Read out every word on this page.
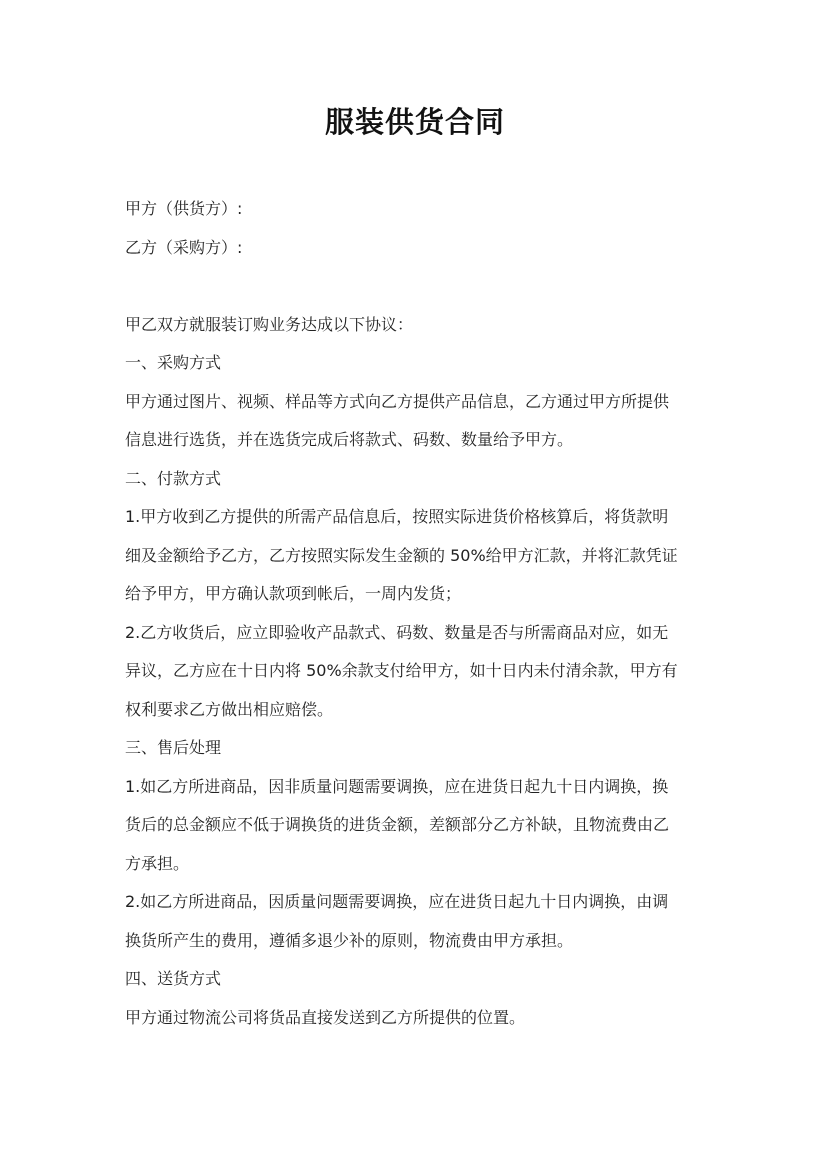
服装供货合同
甲方（供货方）:
乙方（采购方）:
甲乙双方就服装订购业务达成以下协议：
一、采购方式
甲方通过图片、视频、样品等方式向乙方提供产品信息，乙方通过甲方所提供
信息进行选货，并在选货完成后将款式、码数、数量给予甲方。
二、付款方式
1.甲方收到乙方提供的所需产品信息后，按照实际进货价格核算后，将货款明
细及金额给予乙方，乙方按照实际发生金额的 50%给甲方汇款，并将汇款凭证
给予甲方，甲方确认款项到帐后，一周内发货；
2.乙方收货后，应立即验收产品款式、码数、数量是否与所需商品对应，如无
异议，乙方应在十日内将 50%余款支付给甲方，如十日内未付清余款，甲方有
权利要求乙方做出相应赔偿。
三、售后处理
1.如乙方所进商品，因非质量问题需要调换，应在进货日起九十日内调换，换
货后的总金额应不低于调换货的进货金额，差额部分乙方补缺，且物流费由乙
方承担。
2.如乙方所进商品，因质量问题需要调换，应在进货日起九十日内调换，由调
换货所产生的费用，遵循多退少补的原则，物流费由甲方承担。
四、送货方式
甲方通过物流公司将货品直接发送到乙方所提供的位置。
